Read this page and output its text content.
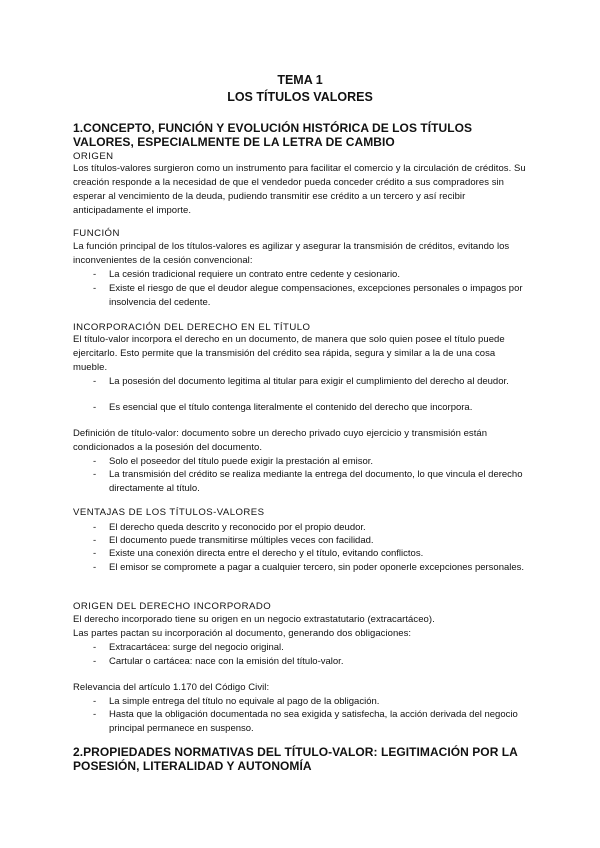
TEMA 1
LOS TÍTULOS VALORES
1.CONCEPTO, FUNCIÓN Y EVOLUCIÓN HISTÓRICA DE LOS TÍTULOS VALORES, ESPECIALMENTE DE LA LETRA DE CAMBIO
ORIGEN
Los títulos-valores surgieron como un instrumento para facilitar el comercio y la circulación de créditos. Su creación responde a la necesidad de que el vendedor pueda conceder crédito a sus compradores sin esperar al vencimiento de la deuda, pudiendo transmitir ese crédito a un tercero y así recibir anticipadamente el importe.
FUNCIÓN
La función principal de los títulos-valores es agilizar y asegurar la transmisión de créditos, evitando los inconvenientes de la cesión convencional:
- La cesión tradicional requiere un contrato entre cedente y cesionario.
- Existe el riesgo de que el deudor alegue compensaciones, excepciones personales o impagos por insolvencia del cedente.
INCORPORACIÓN DEL DERECHO EN EL TÍTULO
El título-valor incorpora el derecho en un documento, de manera que solo quien posee el título puede ejercitarlo. Esto permite que la transmisión del crédito sea rápida, segura y similar a la de una cosa mueble.
- La posesión del documento legitima al titular para exigir el cumplimiento del derecho al deudor.
- Es esencial que el título contenga literalmente el contenido del derecho que incorpora.
Definición de título-valor: documento sobre un derecho privado cuyo ejercicio y transmisión están condicionados a la posesión del documento.
- Solo el poseedor del título puede exigir la prestación al emisor.
- La transmisión del crédito se realiza mediante la entrega del documento, lo que vincula el derecho directamente al título.
VENTAJAS DE LOS TÍTULOS-VALORES
- El derecho queda descrito y reconocido por el propio deudor.
- El documento puede transmitirse múltiples veces con facilidad.
- Existe una conexión directa entre el derecho y el título, evitando conflictos.
- El emisor se compromete a pagar a cualquier tercero, sin poder oponerle excepciones personales.
ORIGEN DEL DERECHO INCORPORADO
El derecho incorporado tiene su origen en un negocio extrastatutario (extracartáceo).
Las partes pactan su incorporación al documento, generando dos obligaciones:
- Extracartácea: surge del negocio original.
- Cartular o cartácea: nace con la emisión del título-valor.
Relevancia del artículo 1.170 del Código Civil:
- La simple entrega del título no equivale al pago de la obligación.
- Hasta que la obligación documentada no sea exigida y satisfecha, la acción derivada del negocio principal permanece en suspenso.
2.PROPIEDADES NORMATIVAS DEL TÍTULO-VALOR: LEGITIMACIÓN POR LA POSESIÓN, LITERALIDAD Y AUTONOMÍA
